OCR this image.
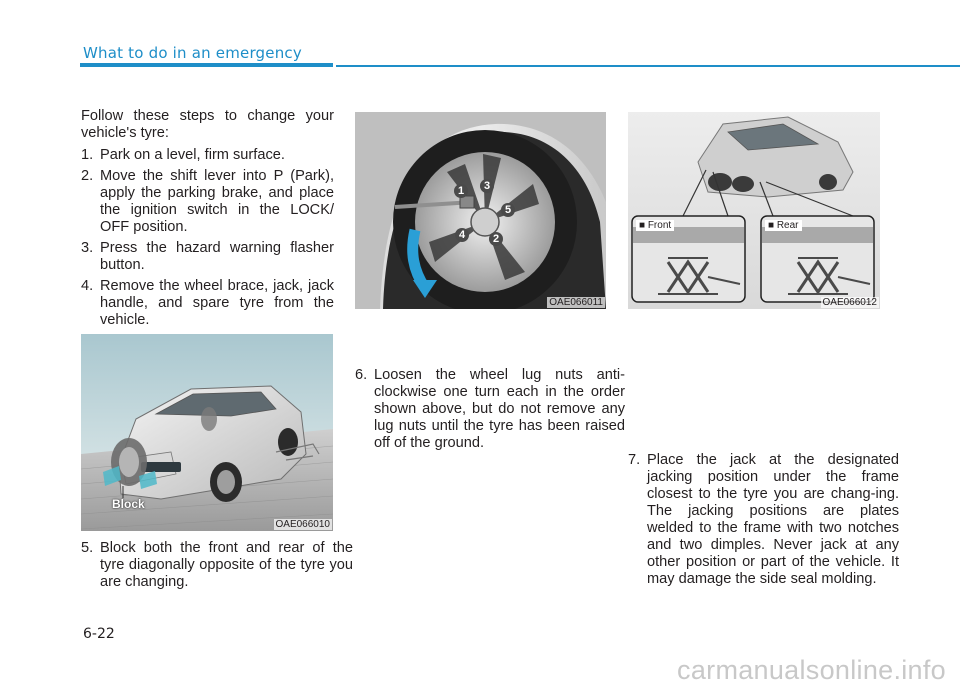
What to do in an emergency

Follow these steps to change your vehicle's tyre:

1. Park on a level, firm surface.
2. Move the shift lever into P (Park), apply the parking brake, and place the ignition switch in the LOCK/ OFF position.
3. Press the hazard warning flasher button.
4. Remove the wheel brace, jack, jack handle, and spare tyre from the vehicle.
Block
OAE066010
5. Block both the front and rear of the tyre diagonally opposite of the tyre you are changing.
1
2
3
4
5
OAE066011
6. Loosen the wheel lug nuts anti-clockwise one turn each in the order shown above, but do not remove any lug nuts until the tyre has been raised off of the ground.
■ Front	■ Rear
OAE066012
7. Place the jack at the designated jacking position under the frame closest to the tyre you are chang-ing. The jacking positions are plates welded to the frame with two notches and two dimples. Never jack at any other position or part of the vehicle. It may damage the side seal molding.
6-22
carmanualsonline.info
